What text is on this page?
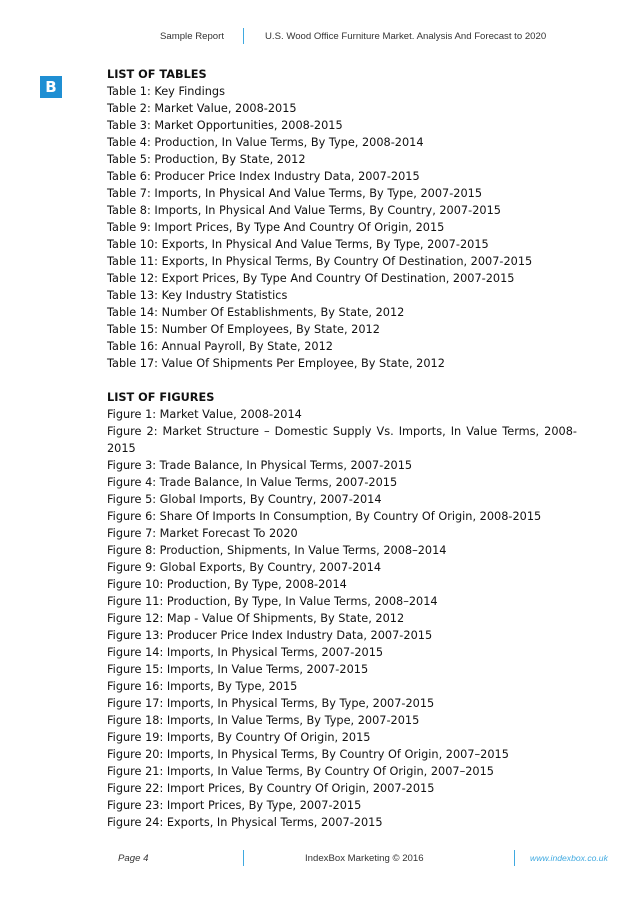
Sample Report	U.S. Wood Office Furniture Market. Analysis And Forecast to 2020
B
LIST OF TABLES
Table 1: Key Findings
Table 2: Market Value, 2008-2015
Table 3: Market Opportunities, 2008-2015
Table 4: Production, In Value Terms, By Type, 2008-2014
Table 5: Production, By State, 2012
Table 6: Producer Price Index Industry Data, 2007-2015
Table 7: Imports, In Physical And Value Terms, By Type, 2007-2015
Table 8: Imports, In Physical And Value Terms, By Country, 2007-2015
Table 9: Import Prices, By Type And Country Of Origin, 2015
Table 10: Exports, In Physical And Value Terms, By Type, 2007-2015
Table 11: Exports, In Physical Terms, By Country Of Destination, 2007-2015
Table 12: Export Prices, By Type And Country Of Destination, 2007-2015
Table 13: Key Industry Statistics
Table 14: Number Of Establishments, By State, 2012
Table 15: Number Of Employees, By State, 2012
Table 16: Annual Payroll, By State, 2012
Table 17: Value Of Shipments Per Employee, By State, 2012
LIST OF FIGURES
Figure 1: Market Value, 2008-2014
Figure 2: Market Structure – Domestic Supply Vs. Imports, In Value Terms, 2008-2015
Figure 3: Trade Balance, In Physical Terms, 2007-2015
Figure 4: Trade Balance, In Value Terms, 2007-2015
Figure 5: Global Imports, By Country, 2007-2014
Figure 6: Share Of Imports In Consumption, By Country Of Origin, 2008-2015
Figure 7: Market Forecast To 2020
Figure 8: Production, Shipments, In Value Terms, 2008–2014
Figure 9: Global Exports, By Country, 2007-2014
Figure 10: Production, By Type, 2008-2014
Figure 11: Production, By Type, In Value Terms, 2008–2014
Figure 12: Map - Value Of Shipments, By State, 2012
Figure 13: Producer Price Index Industry Data, 2007-2015
Figure 14: Imports, In Physical Terms, 2007-2015
Figure 15: Imports, In Value Terms, 2007-2015
Figure 16: Imports, By Type, 2015
Figure 17: Imports, In Physical Terms, By Type, 2007-2015
Figure 18: Imports, In Value Terms, By Type, 2007-2015
Figure 19: Imports, By Country Of Origin, 2015
Figure 20: Imports, In Physical Terms, By Country Of Origin, 2007–2015
Figure 21: Imports, In Value Terms, By Country Of Origin, 2007–2015
Figure 22: Import Prices, By Country Of Origin, 2007-2015
Figure 23: Import Prices, By Type, 2007-2015
Figure 24: Exports, In Physical Terms, 2007-2015
Page 4	IndexBox Marketing © 2016	www.indexbox.co.uk
